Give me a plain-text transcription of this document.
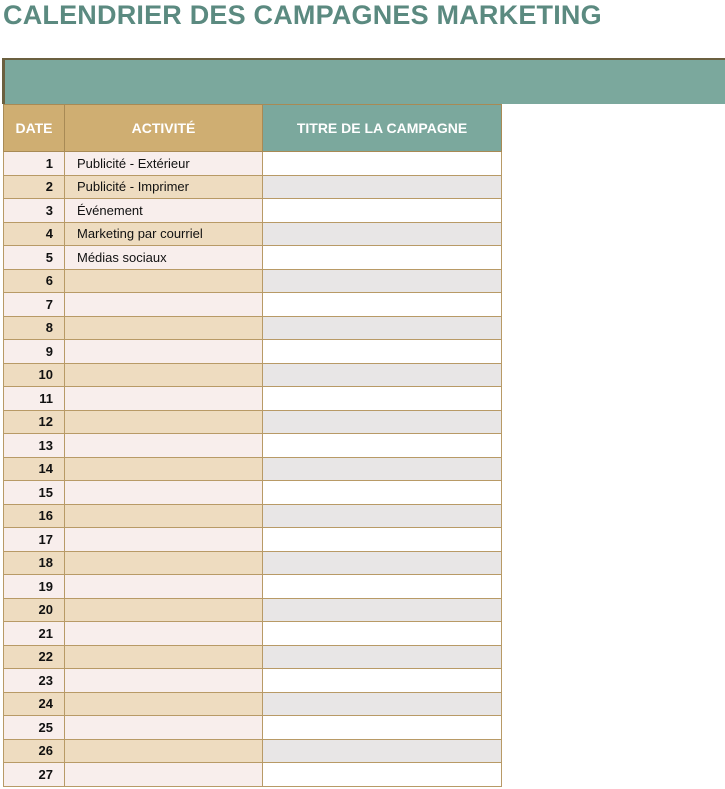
CALENDRIER DES CAMPAGNES MARKETING
DATE	ACTIVITÉ	TITRE DE LA CAMPAGNE
1	Publicité - Extérieur	
2	Publicité - Imprimer	
3	Événement	
4	Marketing par courriel	
5	Médias sociaux	
6		
7		
8		
9		
10		
11		
12		
13		
14		
15		
16		
17		
18		
19		
20		
21		
22		
23		
24		
25		
26		
27		
